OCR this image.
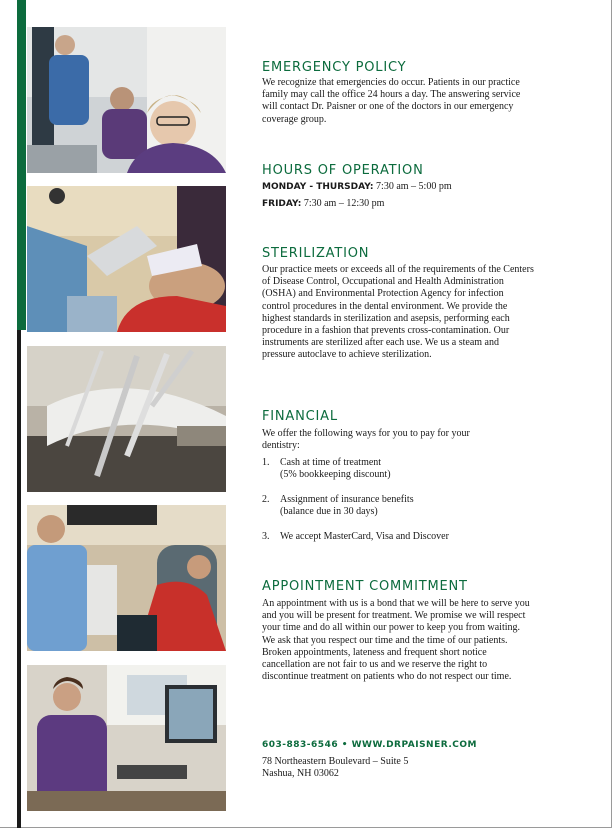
EMERGENCY POLICY

We recognize that emergencies do occur. Patients in our practice family may call the office 24 hours a day. The answering service will contact Dr. Paisner or one of the doctors in our emergency coverage group.

HOURS OF OPERATION
MONDAY - THURSDAY: 7:30 am – 5:00 pm
FRIDAY: 7:30 am – 12:30 pm
STERILIZATION

Our practice meets or exceeds all of the requirements of the Centers of Disease Control, Occupational and Health Administration (OSHA) and Environmental Protection Agency for infection control procedures in the dental environment. We provide the highest standards in sterilization and asepsis, performing each procedure in a fashion that prevents cross-contamination. Our instruments are sterilized after each use. We us a steam and pressure autoclave to achieve sterilization.

FINANCIAL

We offer the following ways for you to pay for your dentistry:

1.	Cash at time of treatment
(5% bookkeeping discount)
2.	Assignment of insurance benefits
(balance due in 30 days)
3.	We accept MasterCard, Visa and Discover
APPOINTMENT COMMITMENT

An appointment with us is a bond that we will be here to serve you and you will be present for treatment. We promise we will respect your time and do all within our power to keep you from waiting. We ask that you respect our time and the time of our patients. Broken appointments, lateness and frequent short notice cancellation are not fair to us and we reserve the right to discontinue treatment on patients who do not respect our time.

603-883-6546 • WWW.DRPAISNER.COM
78 Northeastern Boulevard – Suite 5
Nashua, NH 03062
